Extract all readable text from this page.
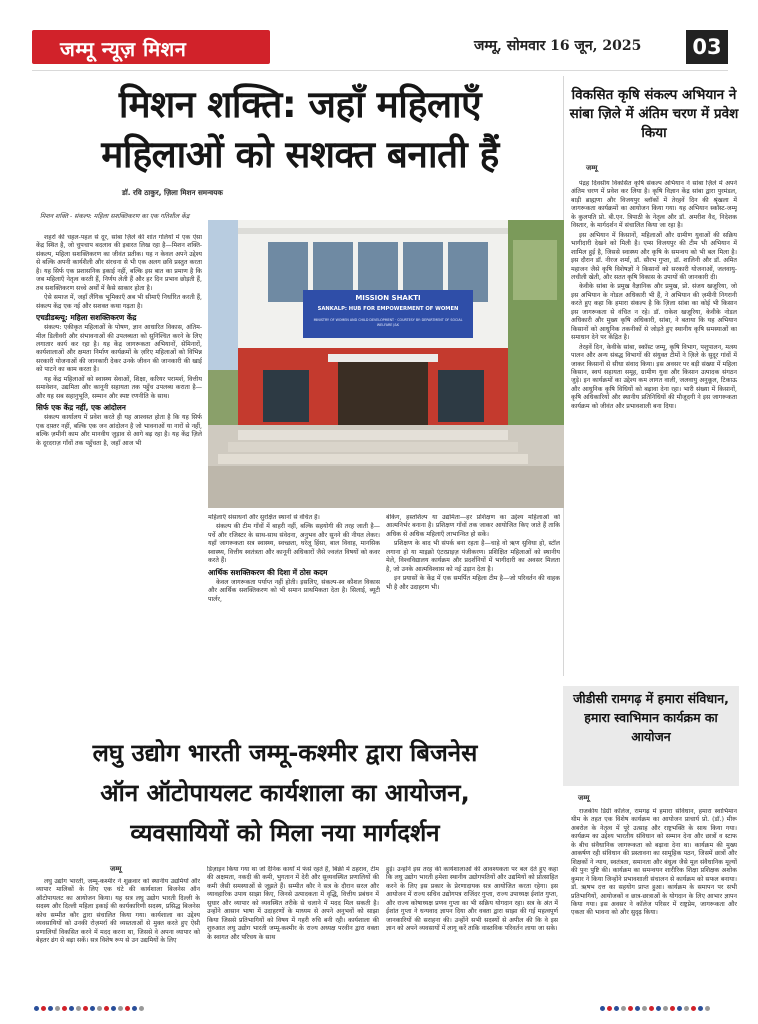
जम्मू न्यूज़ मिशन	जम्मू, सोमवार 16 जून, 2025	03
मिशन शक्ति: जहाँ महिलाएँ
महिलाओं को सशक्त बनाती हैं
डॉ. रवि ठाकुर, ज़िला मिशन समन्वयक
मिशन शक्ति - संकल्प: महिला सशक्तिकरण का एक गतिशील केंद्र

शहरों की चहल-पहल से दूर, सांबा ज़िले की शांत गलियों में एक ऐसा केंद्र स्थित है, जो चुपचाप बदलाव की इबारत लिख रहा है—मिशन शक्ति- संकल्प, महिला सशक्तिकरण का जीवंत प्रतीक। यह न केवल अपने उद्देश्य से बल्कि अपनी कार्यशैली और संरचना से भी एक अलग छवि प्रस्तुत करता है। यह सिर्फ एक प्रशासनिक इकाई नहीं, बल्कि इस बात का प्रमाण है कि जब महिलाएँ नेतृत्व करती हैं, निर्णय लेती हैं और हर दिन प्रभाव छोड़ती हैं, तब सशक्तिकरण सच्चे अर्थों में कैसे साकार होता है।

ऐसे समाज में, जहाँ लैंगिक भूमिकाएँ अब भी सीमाएँ निर्धारित करती हैं, संकल्प केंद्र एक नई और सशक्त कथा गढ़ता है।

एचडीडब्ल्यू: महिला सशक्तिकरण केंद्र

संकल्प: एकीकृत महिलाओं के पोषण, ज्ञान आधारित विकास, अंतिम-मील डिलीवरी और संभावनाओं की उपलब्धता को सुनिश्चित करने के लिए लगातार कार्य कर रहा है। यह केंद्र जागरूकता अभियानों, सेमिनारों, कार्यशालाओं और क्षमता निर्माण कार्यक्रमों के ज़रिए महिलाओं को विभिन्न सरकारी योजनाओं की जानकारी देकर उनके जीवन की जानकारी की खाई को पाटने का काम करता है।

यह केंद्र महिलाओं को स्वास्थ्य सेवाओं, शिक्षा, करियर परामर्श, वित्तीय समावेशन, उद्यमिता और कानूनी सहायता तक पहुँच उपलब्ध कराता है—और यह सब सहानुभूति, सम्मान और स्पष्ट रणनीति के साथ।

सिर्फ एक केंद्र नहीं, एक आंदोलन

संकल्प कार्यालय में प्रवेश करते ही यह आश्वस्त होता है कि यह सिर्फ एक दफ़्तर नहीं, बल्कि एक जन आंदोलन है जो भावनाओं या नारों से नहीं, बल्कि ज़मीनी काम और मानवीय जुड़ाव से आगे बढ़ रहा है। यह केंद्र ज़िले के दूरदराज़ गाँवों तक पहुँचता है, जहाँ आज भी

MISSION SHAKTI
SANKALP: HUB FOR EMPOWERMENT OF WOMEN
MINISTRY OF WOMEN AND CHILD DEVELOPMENT · COURTESY BY: DEPARTMENT OF SOCIAL WELFARE J&K

महिलाएँ संसाधनों और सुरक्षित स्थानों से वंचित हैं।

संकल्प की टीम गाँवों में बाहरी नहीं, बल्कि सहयोगी की तरह जाती है—पर्चे और रजिस्टर के साथ-साथ संवेदना, अनुभव और सुनने की नीयत लेकर। यहाँ जागरूकता सत्र स्वास्थ्य, स्वच्छता, घरेलू हिंसा, बाल विवाह, मानसिक स्वास्थ्य, वित्तीय स्वतंत्रता और कानूनी अधिकारों जैसे ज्वलंत विषयों को कवर करते हैं।

आर्थिक सशक्तिकरण की दिशा में ठोस कदम

केवल जागरूकता पर्याप्त नहीं होती। इसलिए, संकल्प-स्व कौशल विकास और आर्थिक सशक्तिकरण को भी समान प्राथमिकता देता है। सिलाई, ब्यूटी पार्लर,

बेकिंग, हस्तशिल्प या उद्यमिता—हर प्रशिक्षण का उद्देश्य महिलाओं को आत्मनिर्भर बनाना है। प्रशिक्षण गाँवों तक जाकर आयोजित किए जाते हैं ताकि अधिक से अधिक महिलाएँ लाभान्वित हो सकें।

प्रशिक्षण के बाद भी संपर्क बना रहता है—चाहे वो ऋण सुविधा हो, स्टॉल लगाना हो या माइक्रो एंटरप्राइज़ पंजीकरण। प्रशिक्षित महिलाओं को स्थानीय मेले, विश्वविद्यालय कार्यक्रम और प्रदर्शनियों में भागीदारी का अवसर मिलता है, जो उनके आत्मविश्वास को नई उड़ान देता है।

इन प्रयासों के केंद्र में एक समर्पित महिला टीम है—जो परिवर्तन की वाहक भी है और उदाहरण भी।

विकसित कृषि संकल्प अभियान ने सांबा ज़िले में अंतिम चरण में प्रवेश किया
जम्मू

पंद्रह दिवसीय विकसित कृषि संकल्प अभियान ने सांबा ज़िले में अपने अंतिम चरण में प्रवेश कर लिया है। कृषि विज्ञान केंद्र सांबा द्वारा पुरमंडल, बाड़ी ब्राह्मणा और विजयपुर ब्लॉकों में तेरहवें दिन की श्रृंखला में जागरूकता कार्यक्रमों का आयोजन किया गया। यह अभियान स्कॉस्ट-जम्मू के कुलपति प्रो. बी.एन. त्रिपाठी के नेतृत्व और डॉ. अमरीश वैद, निदेशक विस्तार, के मार्गदर्शन में संचालित किया जा रहा है।

इस अभियान में किसानों, महिलाओं और ग्रामीण युवाओं की सक्रिय भागीदारी देखने को मिली है। एम्स विजयपुर की टीम भी अभियान में शामिल हुई है, जिससे स्वास्थ्य और कृषि के समन्वय को भी बल मिला है। इस दौरान डॉ. नीरज शर्मा, डॉ. सौरभ गुप्ता, डॉ. शालिनी और डॉ. अमित महाजन जैसे कृषि विशेषज्ञों ने किसानों को सरकारी योजनाओं, जलवायु-लचीली खेती, और सतत कृषि विकास के उपायों की जानकारी दी।

केवीके सांबा के प्रमुख वैज्ञानिक और प्रमुख, प्रो. संजय खजूरिया, जो इस अभियान के नोडल अधिकारी भी हैं, ने अभियान की ज़मीनी निगरानी करते हुए कहा कि हमारा संकल्प है कि ज़िला सांबा का कोई भी किसान इस जागरूकता से वंचित न रहे। डॉ. राकेश खजूरिया, केवीके नोडल अधिकारी और मुख्य कृषि अधिकारी, सांबा, ने बताया कि यह अभियान किसानों को आधुनिक तकनीकों से जोड़ते हुए स्थानीय कृषि समस्याओं का समाधान देने पर केंद्रित है।

तेरहवें दिन, केवीके सांबा, स्कॉस्ट जम्मू, कृषि विभाग, पशुपालन, मत्स्य पालन और अन्य संबद्ध विभागों की संयुक्त टीमों ने ज़िले के सुदूर गांवों में जाकर किसानों से सीधा संवाद किया। इस अवसर पर बड़ी संख्या में महिला किसान, स्वयं सहायता समूह, ग्रामीण युवा और किसान उत्पादक संगठन जुड़े। इन कार्यक्रमों का उद्देश्य कम लागत वाली, जलवायु अनुकूल, टिकाऊ और आधुनिक कृषि विधियों को बढ़ावा देना रहा। भारी संख्या में किसानों, कृषि अधिकारियों और स्थानीय प्रतिनिधियों की मौजूदगी ने इस जागरूकता कार्यक्रम को जीवंत और प्रभावशाली बना दिया।

लघु उद्योग भारती जम्मू-कश्मीर द्वारा बिजनेस
ऑन ऑटोपायलट कार्यशाला का आयोजन,
व्यवसायियों को मिला नया मार्गदर्शन
जम्मू

लघु उद्योग भारती, जम्मू-कश्मीर ने शुक्रवार को स्थानीय उद्यमियों और व्यापार मालिकों के लिए एक घंटे की कार्यशाला बिजनेस ऑन ऑटोपायलट का आयोजन किया। यह सत्र लघु उद्योग भारती दिल्ली के सदस्य और दिल्ली महिला इकाई की कार्यकारिणी सदस्य, प्रसिद्ध बिजनेस कोच सम्मीत कौर द्वारा संचालित किया गया। कार्यशाला का उद्देश्य व्यवसायियों को उनकी रोज़मर्रा की व्यस्तताओं से मुक्त करते हुए ऐसी प्रणालियाँ विकसित करने में मदद करना था, जिससे वे अपना व्यापार को बेहतर ढंग से बढ़ा सकें। सत्र विशेष रूप से उन उद्यमियों के लिए

डिज़ाइन किया गया था जो दैनिक कार्यों में फंसे रहते हैं, बिक्री में ठहराव, टीम की अक्षमता, नकदी की कमी, भुगतान में देरी और सुव्यवस्थित प्रणालियों की कमी जैसी समस्याओं से जूझते हैं। सम्मीत कौर ने सत्र के दौरान सरल और व्यावहारिक उपाय साझा किए, जिनसे उत्पादकता में वृद्धि, वित्तीय प्रबंधन में सुधार और व्यापार को व्यवस्थित तरीके से चलाने में मदद मिल सकती है। उन्होंने आसान भाषा में उदाहरणों के माध्यम से अपने अनुभवों को साझा किया जिससे प्रतिभागियों को विषय में गहरी रुचि बनी रही। कार्यशाला की शुरुआत लघु उद्योग भारती जम्मू-कश्मीर के राज्य अध्यक्ष परवीन द्वारा वक्ता के स्वागत और परिचय के साथ

हुई। उन्होंने इस तरह की कार्यशालाओं की आवश्यकता पर बल देते हुए कहा कि लघु उद्योग भारती हमेशा स्थानीय उद्योगपतियों और उद्यमियों को प्रोत्साहित करने के लिए इस प्रकार के प्रेरणादायक सत्र आयोजित करता रहेगा। इस आयोजन में राज्य सचिव उद्योगपत्र राजिंदर गुप्ता, राज्य उपाध्यक्ष ईशांत गुप्ता, और राज्य कोषाध्यक्ष प्रणव गुप्ता का भी सक्रिय योगदान रहा। सत्र के अंत में ईशांत गुप्ता ने धन्यवाद ज्ञापन दिया और वक्ता द्वारा साझा की गई महत्वपूर्ण जानकारियों की सराहना की। उन्होंने सभी सदस्यों से अपील की कि वे इस ज्ञान को अपने व्यवसायों में लागू करें ताकि वास्तविक परिवर्तन लाया जा सके।

जीडीसी रामगढ़ में हमारा संविधान, हमारा स्वाभिमान कार्यक्रम का आयोजन
जम्मू

राजकीय डिग्री कॉलेज, रामगढ़ में हमारा संविधान, हमारा स्वाभिमान थीम के तहत एक विशेष कार्यक्रम का आयोजन प्राचार्य प्रो. (डॉ.) मीरू अबरोल के नेतृत्व में पूरे उत्साह और राष्ट्रभक्ति के साथ किया गया। कार्यक्रम का उद्देश्य भारतीय संविधान को सम्मान देना और छात्रों व स्टाफ के बीच संवैधानिक जागरूकता को बढ़ावा देना था। कार्यक्रम की मुख्य आकर्षण रही संविधान की प्रस्तावना का सामूहिक पठन, जिसमें छात्रों और शिक्षकों ने न्याय, स्वतंत्रता, समानता और बंधुत्व जैसे मूल संवैधानिक मूल्यों की पुनः पुष्टि की। कार्यक्रम का समन्वयन शारीरिक शिक्षा प्रशिक्षक अशोक कुमार ने किया जिन्होंने प्रभावशाली संचालन से कार्यक्रम को सफल बनाया। डॉ. ऋषभ दत्त का सहयोग प्राप्त हुआ। कार्यक्रम के समापन पर सभी प्रतिभागियों, आयोजकों व छात्र-छात्राओं के योगदान के लिए आभार ज्ञापन किया गया। इस अवसर ने कॉलेज परिसर में राष्ट्रप्रेम, जागरूकता और एकता की भावना को और सुदृढ़ किया।
